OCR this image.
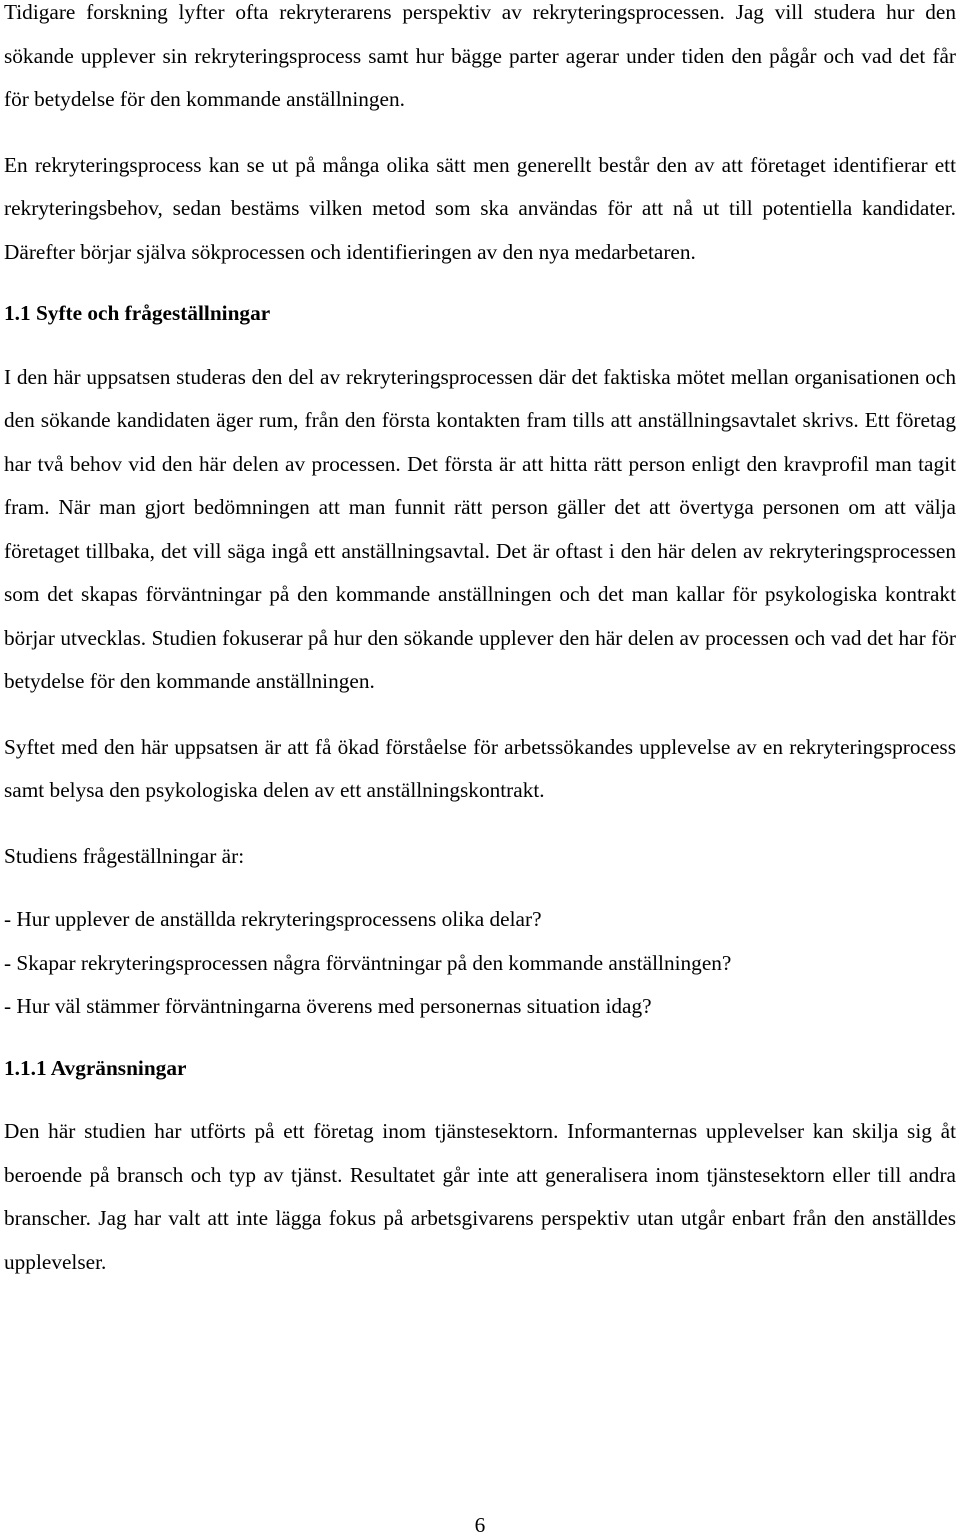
Tidigare forskning lyfter ofta rekryterarens perspektiv av rekryteringsprocessen. Jag vill studera hur den sökande upplever sin rekryteringsprocess samt hur bägge parter agerar under tiden den pågår och vad det får för betydelse för den kommande anställningen.

En rekryteringsprocess kan se ut på många olika sätt men generellt består den av att företaget identifierar ett rekryteringsbehov, sedan bestäms vilken metod som ska användas för att nå ut till potentiella kandidater. Därefter börjar själva sökprocessen och identifieringen av den nya medarbetaren.

1.1 Syfte och frågeställningar

I den här uppsatsen studeras den del av rekryteringsprocessen där det faktiska mötet mellan organisationen och den sökande kandidaten äger rum, från den första kontakten fram tills att anställningsavtalet skrivs. Ett företag har två behov vid den här delen av processen. Det första är att hitta rätt person enligt den kravprofil man tagit fram. När man gjort bedömningen att man funnit rätt person gäller det att övertyga personen om att välja företaget tillbaka, det vill säga ingå ett anställningsavtal. Det är oftast i den här delen av rekryteringsprocessen som det skapas förväntningar på den kommande anställningen och det man kallar för psykologiska kontrakt börjar utvecklas. Studien fokuserar på hur den sökande upplever den här delen av processen och vad det har för betydelse för den kommande anställningen.

Syftet med den här uppsatsen är att få ökad förståelse för arbetssökandes upplevelse av en rekryteringsprocess samt belysa den psykologiska delen av ett anställningskontrakt.

Studiens frågeställningar är:

- Hur upplever de anställda rekryteringsprocessens olika delar?
- Skapar rekryteringsprocessen några förväntningar på den kommande anställningen?
- Hur väl stämmer förväntningarna överens med personernas situation idag?
1.1.1 Avgränsningar

Den här studien har utförts på ett företag inom tjänstesektorn. Informanternas upplevelser kan skilja sig åt beroende på bransch och typ av tjänst. Resultatet går inte att generalisera inom tjänstesektorn eller till andra branscher. Jag har valt att inte lägga fokus på arbetsgivarens perspektiv utan utgår enbart från den anställdes upplevelser.

6
